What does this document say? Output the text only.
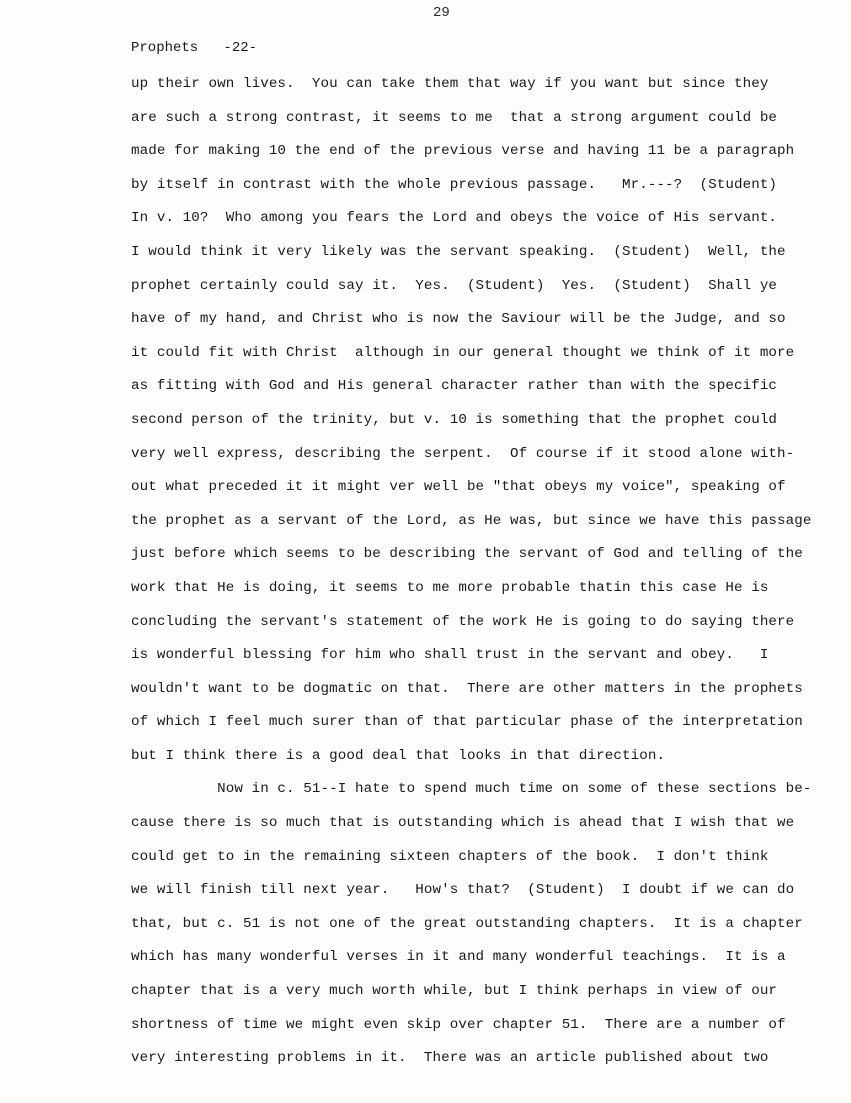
29
Prophets   -22-
up their own lives.  You can take them that way if you want but since they
are such a strong contrast, it seems to me  that a strong argument could be
made for making 10 the end of the previous verse and having 11 be a paragraph
by itself in contrast with the whole previous passage.   Mr.---?  (Student)
In v. 10?  Who among you fears the Lord and obeys the voice of His servant.
I would think it very likely was the servant speaking.  (Student)  Well, the
prophet certainly could say it.  Yes.  (Student)  Yes.  (Student)  Shall ye
have of my hand, and Christ who is now the Saviour will be the Judge, and so
it could fit with Christ  although in our general thought we think of it more
as fitting with God and His general character rather than with the specific
second person of the trinity, but v. 10 is something that the prophet could
very well express, describing the serpent.  Of course if it stood alone with-
out what preceded it it might ver well be "that obeys my voice", speaking of
the prophet as a servant of the Lord, as He was, but since we have this passage
just before which seems to be describing the servant of God and telling of the
work that He is doing, it seems to me more probable thatin this case He is
concluding the servant's statement of the work He is going to do saying there
is wonderful blessing for him who shall trust in the servant and obey.   I
wouldn't want to be dogmatic on that.  There are other matters in the prophets
of which I feel much surer than of that particular phase of the interpretation
but I think there is a good deal that looks in that direction.
Now in c. 51--I hate to spend much time on some of these sections be-
cause there is so much that is outstanding which is ahead that I wish that we
could get to in the remaining sixteen chapters of the book.  I don't think
we will finish till next year.   How's that?  (Student)  I doubt if we can do
that, but c. 51 is not one of the great outstanding chapters.  It is a chapter
which has many wonderful verses in it and many wonderful teachings.  It is a
chapter that is a very much worth while, but I think perhaps in view of our
shortness of time we might even skip over chapter 51.  There are a number of
very interesting problems in it.  There was an article published about two
